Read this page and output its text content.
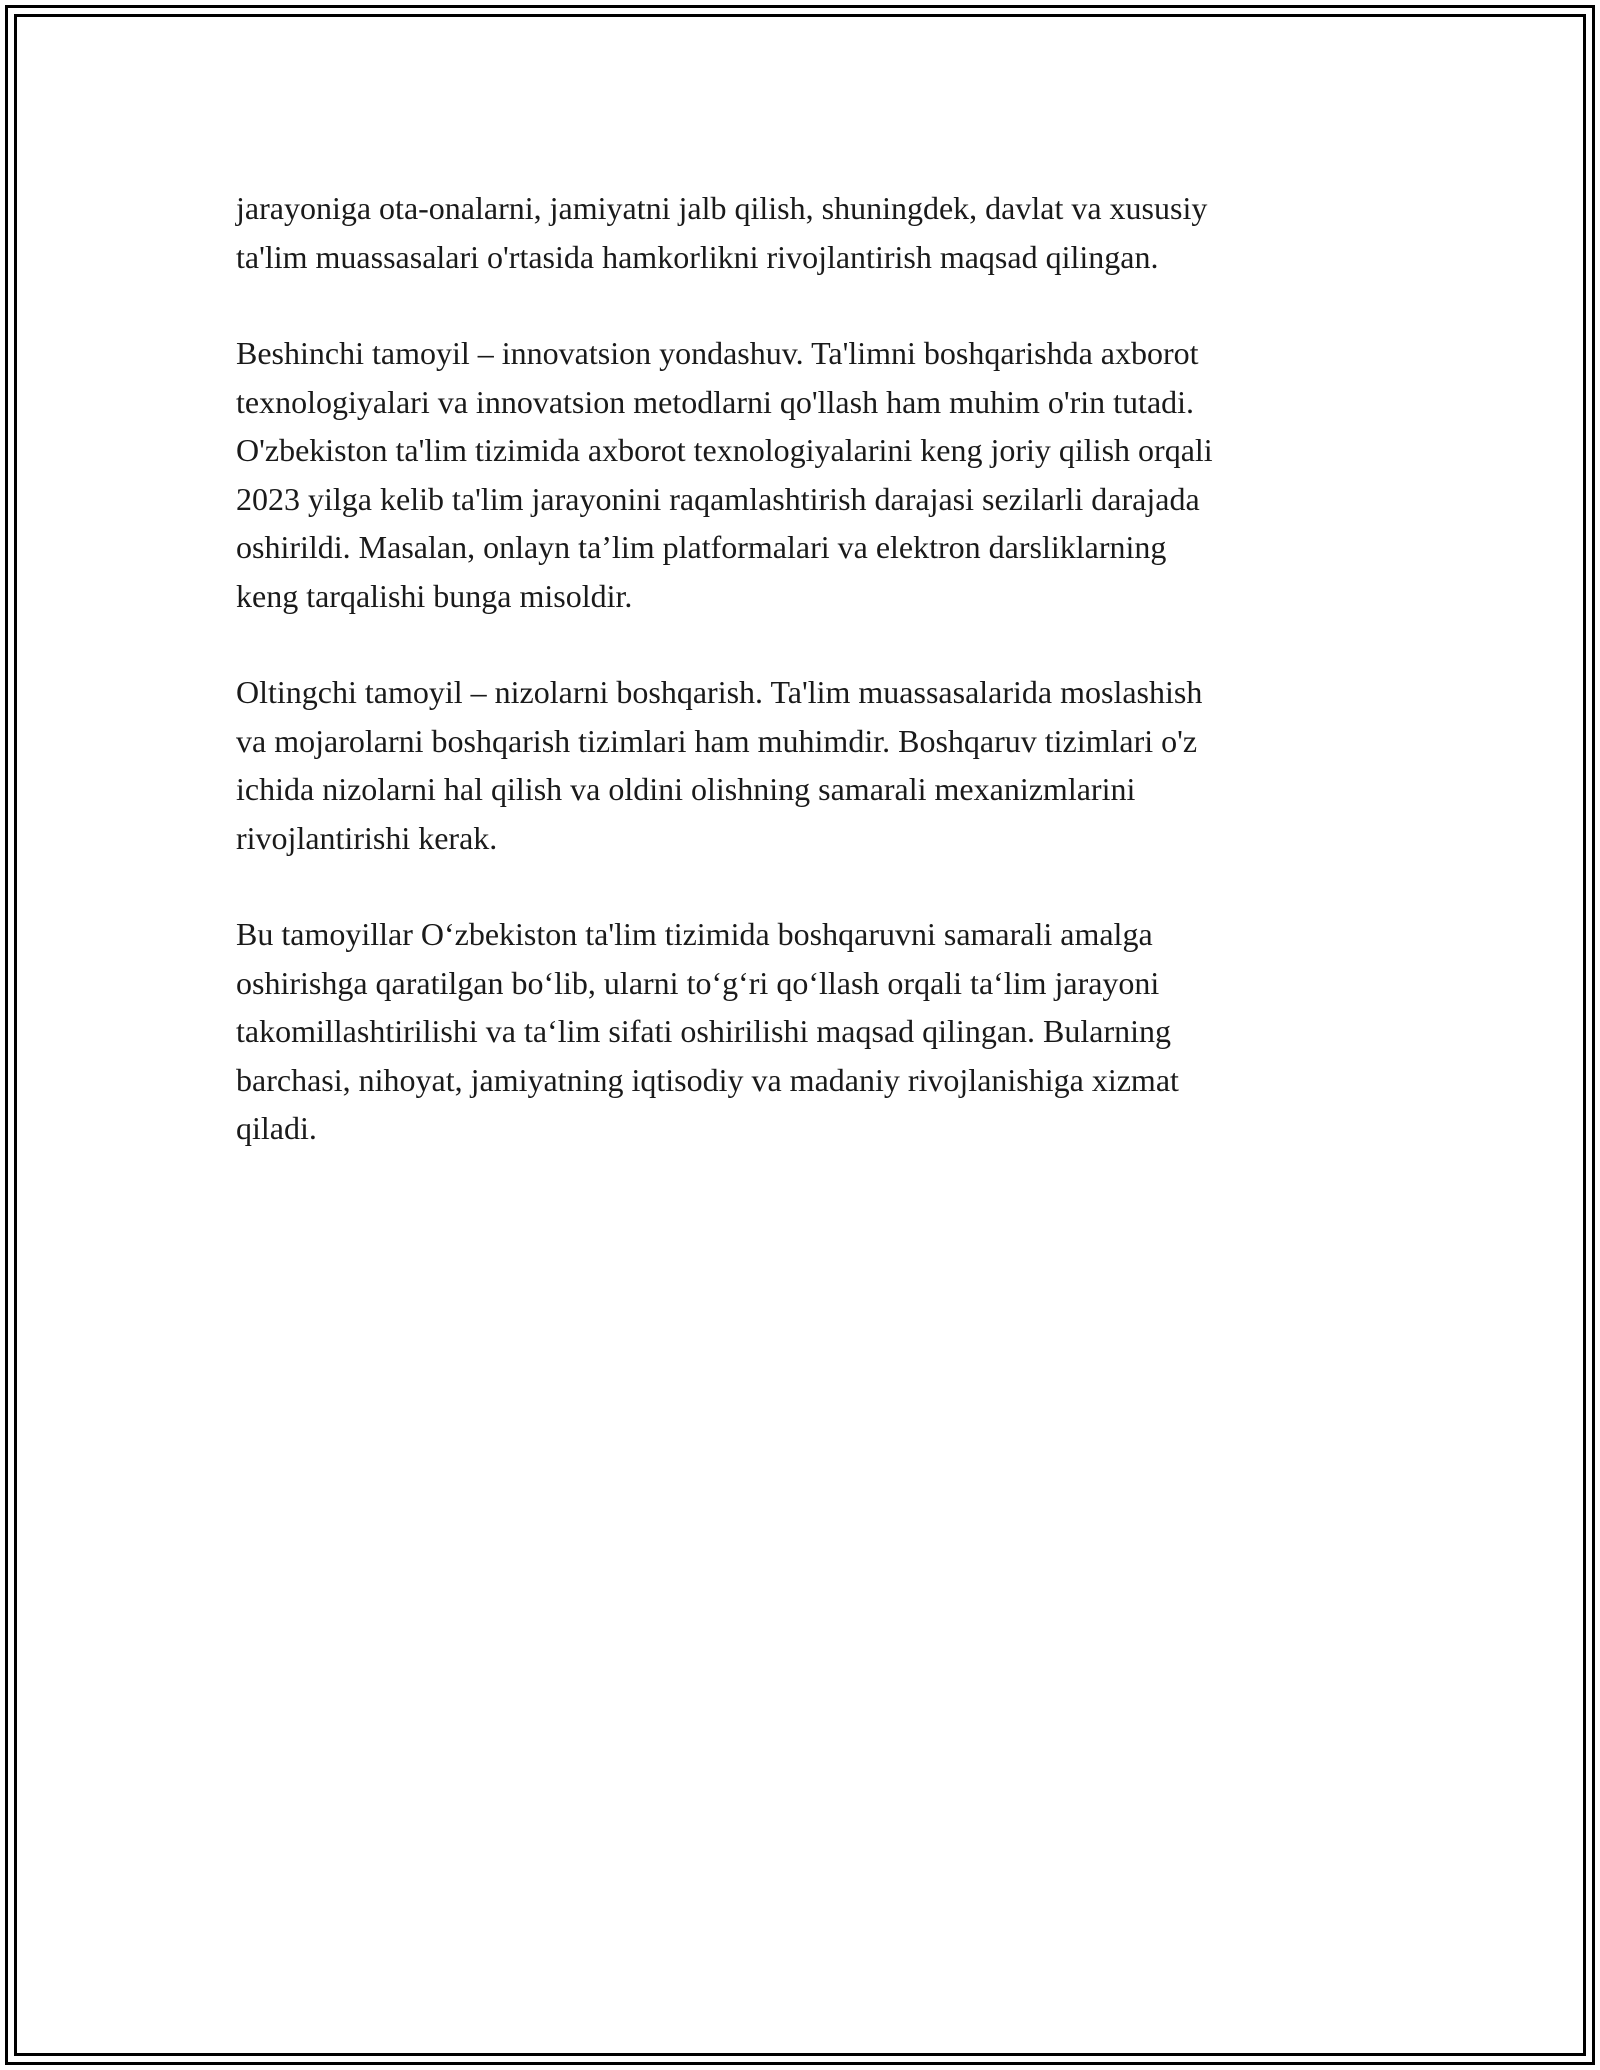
jarayoniga ota-onalarni, jamiyatni jalb qilish, shuningdek, davlat va xususiy
ta'lim muassasalari o'rtasida hamkorlikni rivojlantirish maqsad qilingan.

Beshinchi tamoyil – innovatsion yondashuv. Ta'limni boshqarishda axborot
texnologiyalari va innovatsion metodlarni qo'llash ham muhim o'rin tutadi.
O'zbekiston ta'lim tizimida axborot texnologiyalarini keng joriy qilish orqali
2023 yilga kelib ta'lim jarayonini raqamlashtirish darajasi sezilarli darajada
oshirildi. Masalan, onlayn ta’lim platformalari va elektron darsliklarning
keng tarqalishi bunga misoldir.

Oltingchi tamoyil – nizolarni boshqarish. Ta'lim muassasalarida moslashish
va mojarolarni boshqarish tizimlari ham muhimdir. Boshqaruv tizimlari o'z
ichida nizolarni hal qilish va oldini olishning samarali mexanizmlarini
rivojlantirishi kerak.

Bu tamoyillar O‘zbekiston ta'lim tizimida boshqaruvni samarali amalga
oshirishga qaratilgan bo‘lib, ularni to‘g‘ri qo‘llash orqali ta‘lim jarayoni
takomillashtirilishi va ta‘lim sifati oshirilishi maqsad qilingan. Bularning
barchasi, nihoyat, jamiyatning iqtisodiy va madaniy rivojlanishiga xizmat
qiladi.
